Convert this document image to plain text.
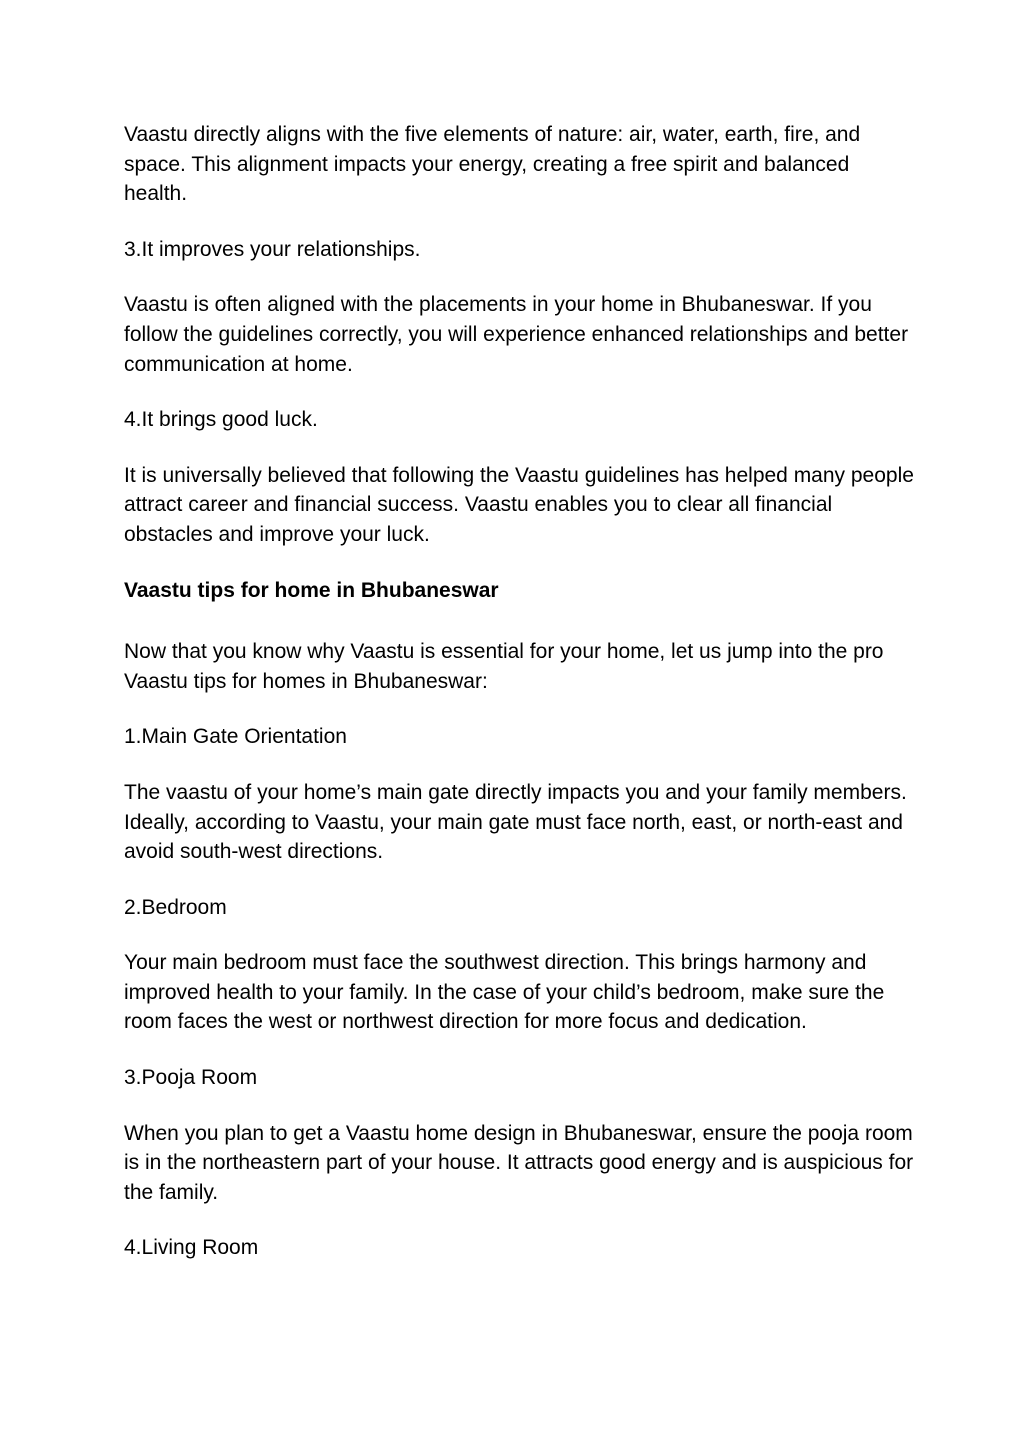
Vaastu directly aligns with the five elements of nature: air, water, earth, fire, and space. This alignment impacts your energy, creating a free spirit and balanced health.

3.It improves your relationships.

Vaastu is often aligned with the placements in your home in Bhubaneswar. If you follow the guidelines correctly, you will experience enhanced relationships and better communication at home.

4.It brings good luck.

It is universally believed that following the Vaastu guidelines has helped many people attract career and financial success. Vaastu enables you to clear all financial obstacles and improve your luck.

Vaastu tips for home in Bhubaneswar

Now that you know why Vaastu is essential for your home, let us jump into the pro Vaastu tips for homes in Bhubaneswar:

1.Main Gate Orientation

The vaastu of your home’s main gate directly impacts you and your family members. Ideally, according to Vaastu, your main gate must face north, east, or north-east and avoid south-west directions.

2.Bedroom

Your main bedroom must face the southwest direction. This brings harmony and improved health to your family. In the case of your child’s bedroom, make sure the room faces the west or northwest direction for more focus and dedication.

3.Pooja Room

When you plan to get a Vaastu home design in Bhubaneswar, ensure the pooja room is in the northeastern part of your house. It attracts good energy and is auspicious for the family.

4.Living Room
